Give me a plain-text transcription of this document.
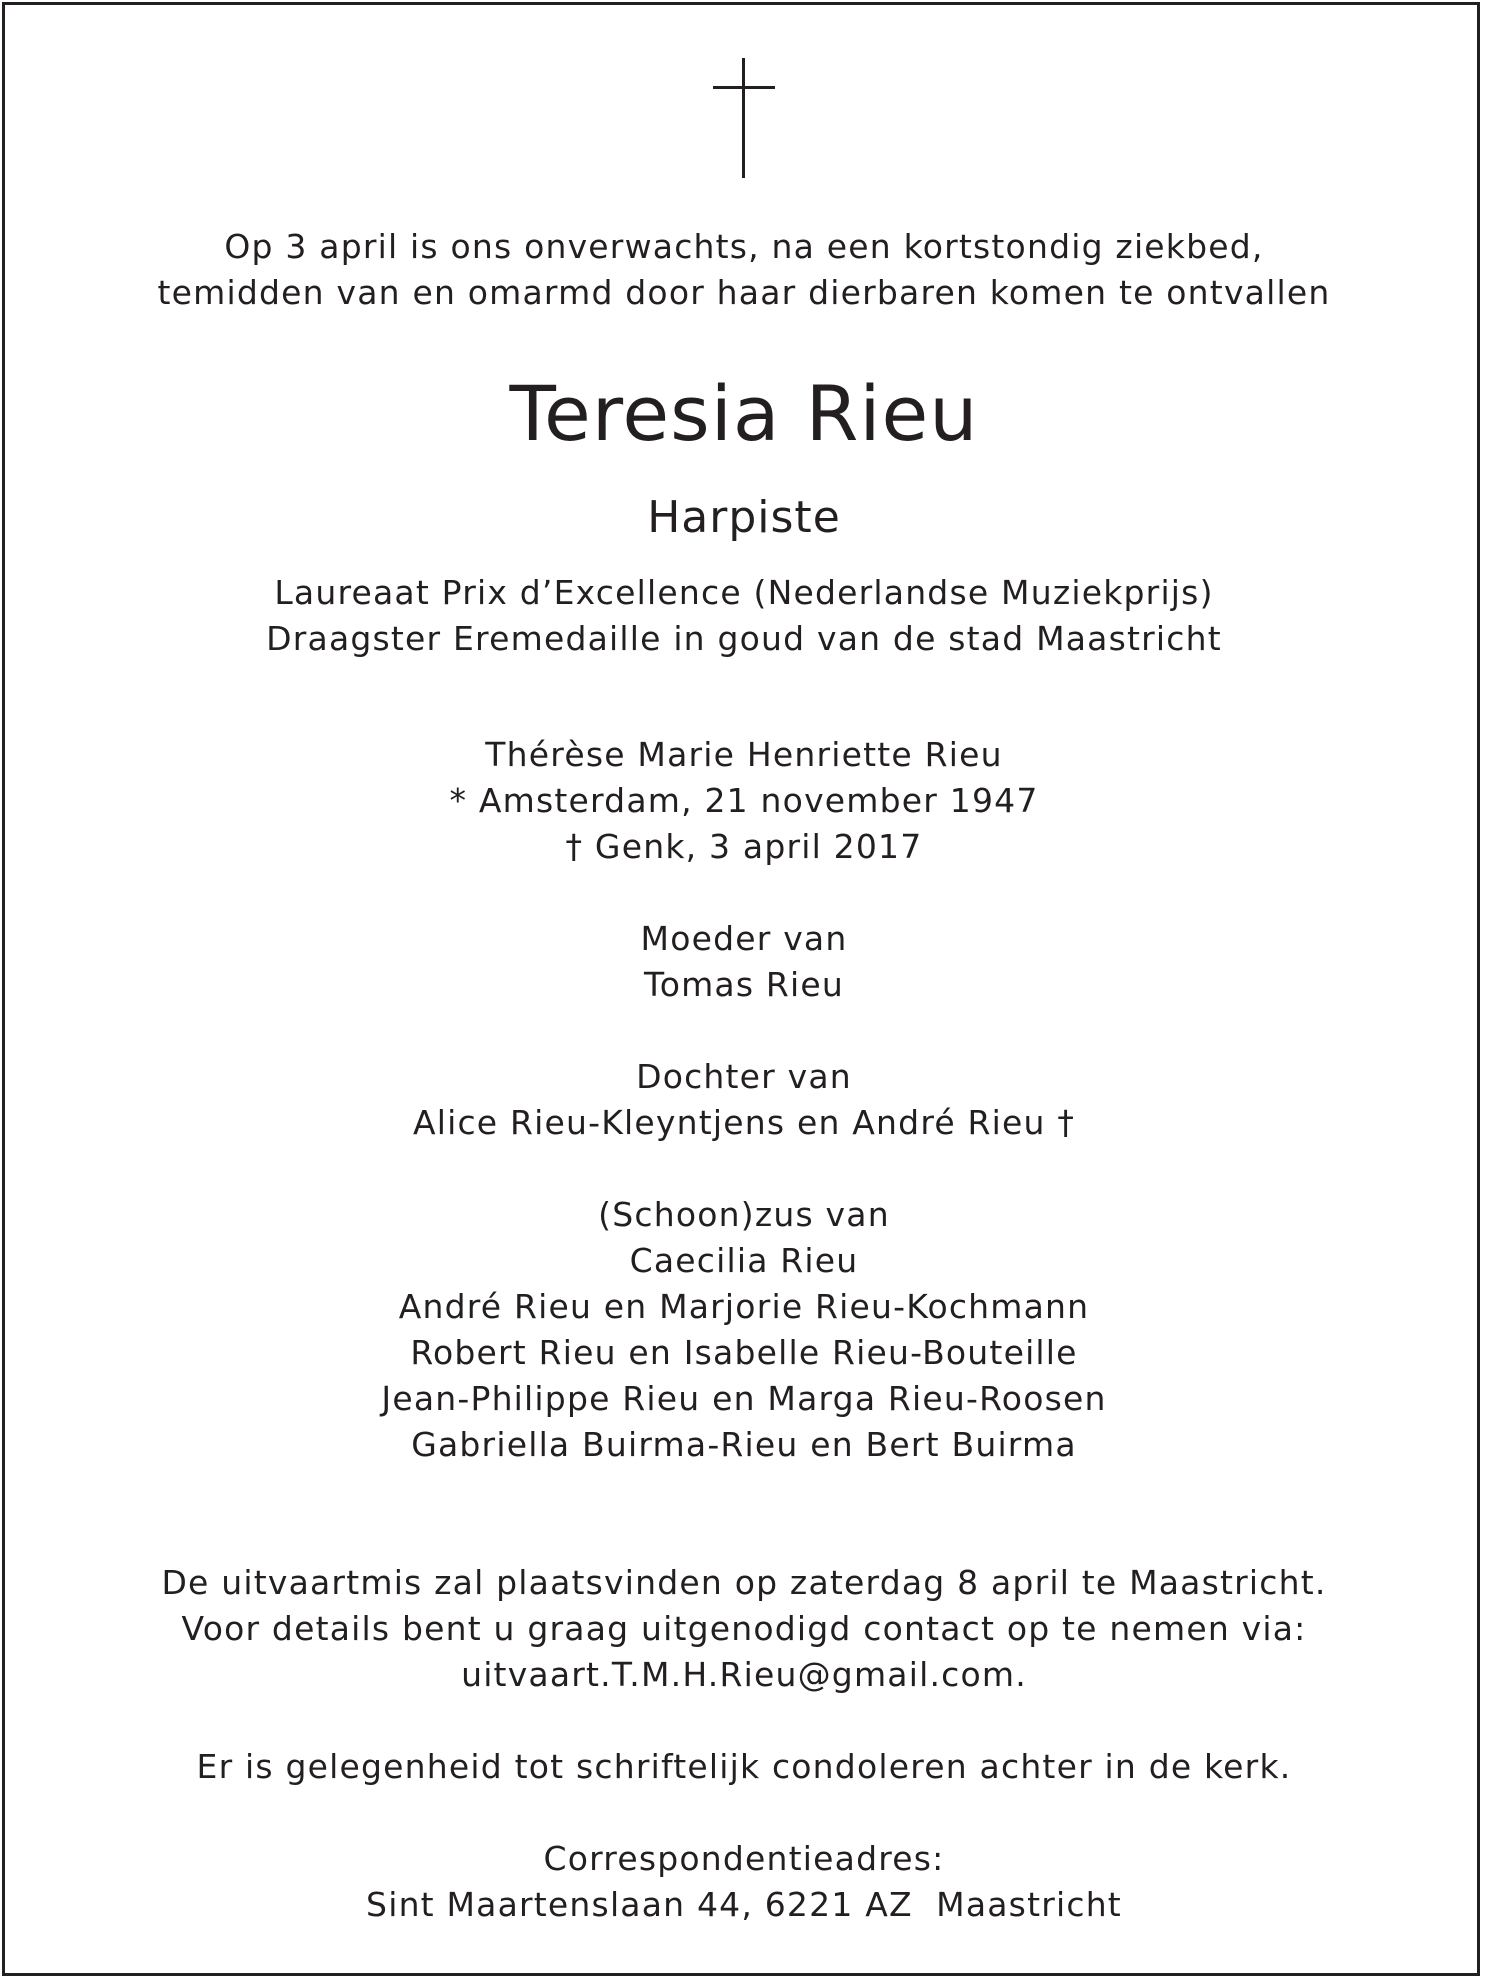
Op 3 april is ons onverwachts, na een kortstondig ziekbed,
temidden van en omarmd door haar dierbaren komen te ontvallen
Teresia Rieu
Harpiste
Laureaat Prix d’Excellence (Nederlandse Muziekprijs)
Draagster Eremedaille in goud van de stad Maastricht
Thérèse Marie Henriette Rieu
* Amsterdam, 21 november 1947
† Genk, 3 april 2017
Moeder van
Tomas Rieu
Dochter van
Alice Rieu-Kleyntjens en André Rieu †
(Schoon)zus van
Caecilia Rieu
André Rieu en Marjorie Rieu-Kochmann
Robert Rieu en Isabelle Rieu-Bouteille
Jean-Philippe Rieu en Marga Rieu-Roosen
Gabriella Buirma-Rieu en Bert Buirma
De uitvaartmis zal plaatsvinden op zaterdag 8 april te Maastricht.
Voor details bent u graag uitgenodigd contact op te nemen via:
uitvaart.T.M.H.Rieu@gmail.com.
Er is gelegenheid tot schriftelijk condoleren achter in de kerk.
Correspondentieadres:
Sint Maartenslaan 44, 6221 AZ  Maastricht
